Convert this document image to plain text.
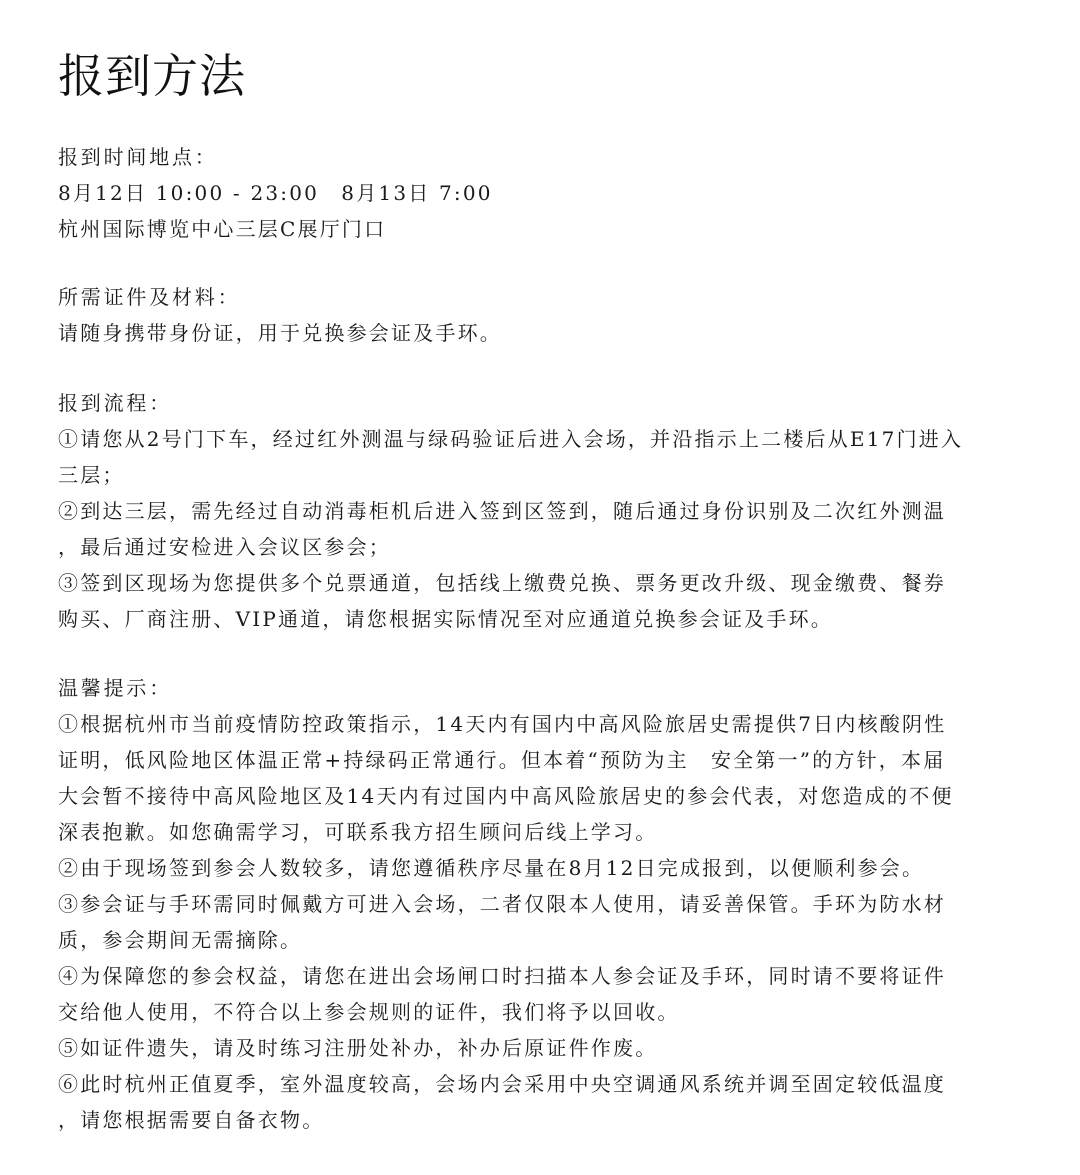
报到方法
报到时间地点：
8月12日 10:00 - 23:00　8月13日 7:00
杭州国际博览中心三层C展厅门口
所需证件及材料：
请随身携带身份证，用于兑换参会证及手环。
报到流程：
①请您从2号门下车，经过红外测温与绿码验证后进入会场，并沿指示上二楼后从E17门进入
三层；
②到达三层，需先经过自动消毒柜机后进入签到区签到，随后通过身份识别及二次红外测温
，最后通过安检进入会议区参会；
③签到区现场为您提供多个兑票通道，包括线上缴费兑换、票务更改升级、现金缴费、餐券
购买、厂商注册、VIP通道，请您根据实际情况至对应通道兑换参会证及手环。
温馨提示：
①根据杭州市当前疫情防控政策指示，14天内有国内中高风险旅居史需提供7日内核酸阴性
证明，低风险地区体温正常+持绿码正常通行。但本着“预防为主　安全第一”的方针，本届
大会暂不接待中高风险地区及14天内有过国内中高风险旅居史的参会代表，对您造成的不便
深表抱歉。如您确需学习，可联系我方招生顾问后线上学习。
②由于现场签到参会人数较多，请您遵循秩序尽量在8月12日完成报到，以便顺利参会。
③参会证与手环需同时佩戴方可进入会场，二者仅限本人使用，请妥善保管。手环为防水材
质，参会期间无需摘除。
④为保障您的参会权益，请您在进出会场闸口时扫描本人参会证及手环，同时请不要将证件
交给他人使用，不符合以上参会规则的证件，我们将予以回收。
⑤如证件遗失，请及时练习注册处补办，补办后原证件作废。
⑥此时杭州正值夏季，室外温度较高，会场内会采用中央空调通风系统并调至固定较低温度
，请您根据需要自备衣物。
